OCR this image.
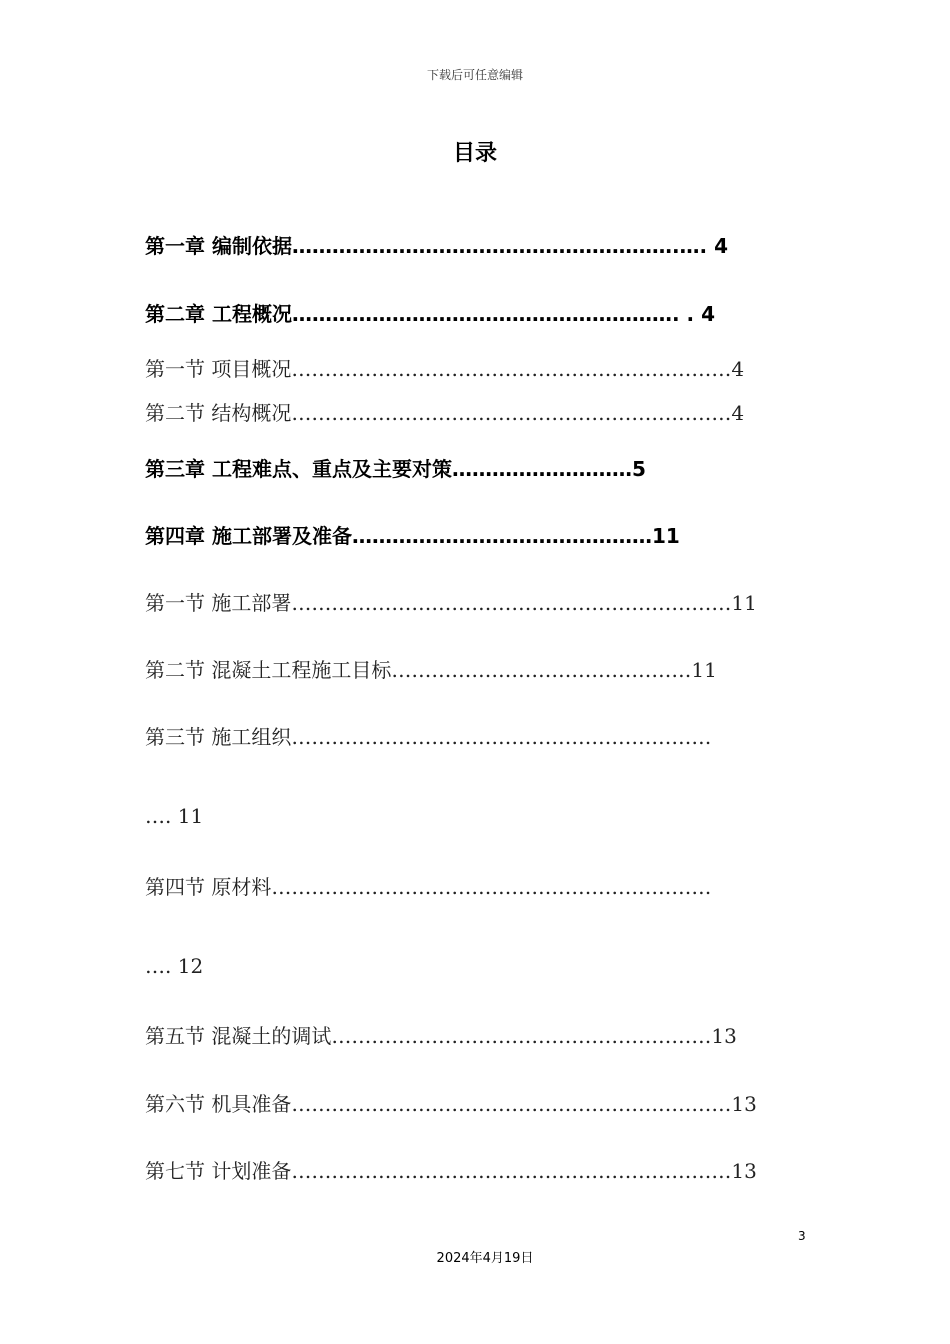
下载后可任意编辑
目录
第一章 编制依据………………………………………………….…. 4
第二章 工程概况…………………………………………………. . 4
第一节 项目概况…………………………………………………………4
第二节 结构概况…………………………………………………………4
第三章 工程难点、重点及主要对策………………………5
第四章 施工部署及准备………………………………………11
第一节 施工部署…………………………………………………………11
第二节 混凝土工程施工目标………………………………………11
第三节 施工组织………………………………………………………
…. 11
第四节 原材料…………………………………………………………
…. 12
第五节 混凝土的调试…………………………………………………13
第六节 机具准备…………………………………………………………13
第七节 计划准备…………………………………………………………13
3
2024年4月19日
